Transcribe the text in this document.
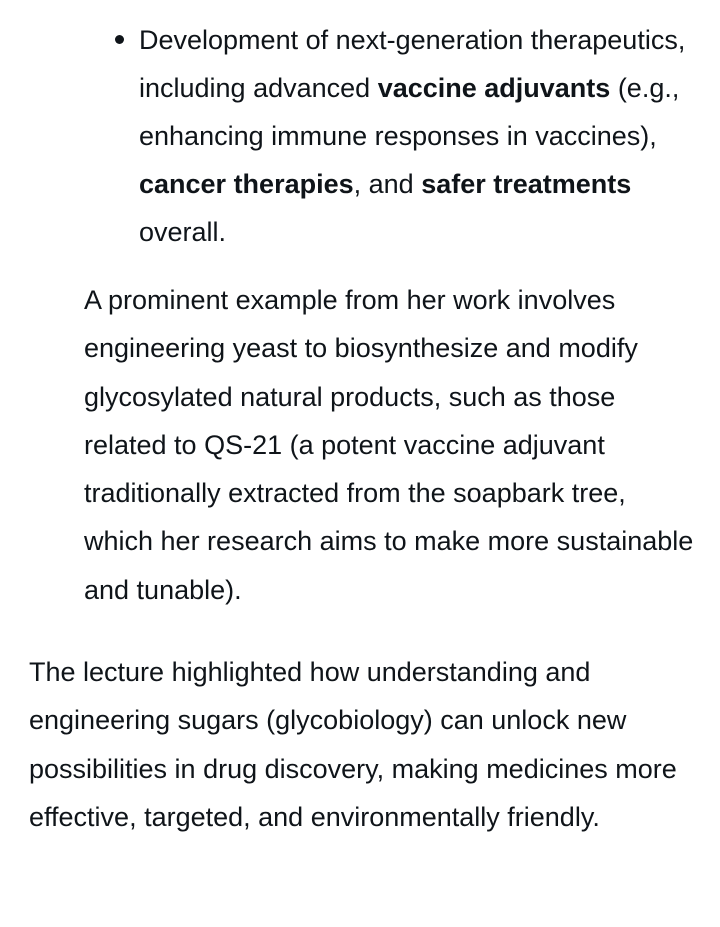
Development of next-generation therapeutics, including advanced vaccine adjuvants (e.g., enhancing immune responses in vaccines), cancer therapies, and safer treatments overall.

A prominent example from her work involves engineering yeast to biosynthesize and modify glycosylated natural products, such as those related to QS-21 (a potent vaccine adjuvant traditionally extracted from the soapbark tree, which her research aims to make more sustainable and tunable).

The lecture highlighted how understanding and engineering sugars (glycobiology) can unlock new possibilities in drug discovery, making medicines more effective, targeted, and environmentally friendly.
